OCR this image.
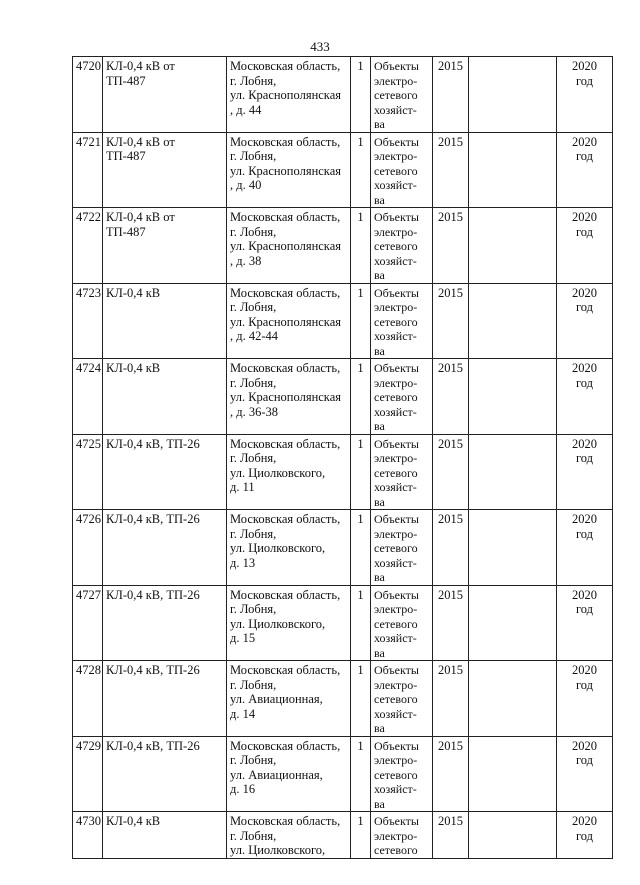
433
4720	КЛ-0,4 кВ от
ТП-487	Московская область,
г. Лобня,
ул. Краснополянская
, д. 44	1	Объекты
электро-
сетевого
хозяйст-
ва	2015		2020
год

4721	КЛ-0,4 кВ от
ТП-487	Московская область,
г. Лобня,
ул. Краснополянская
, д. 40	1	Объекты
электро-
сетевого
хозяйст-
ва	2015		2020
год

4722	КЛ-0,4 кВ от
ТП-487	Московская область,
г. Лобня,
ул. Краснополянская
, д. 38	1	Объекты
электро-
сетевого
хозяйст-
ва	2015		2020
год

4723	КЛ-0,4 кВ	Московская область,
г. Лобня,
ул. Краснополянская
, д. 42-44	1	Объекты
электро-
сетевого
хозяйст-
ва	2015		2020
год

4724	КЛ-0,4 кВ	Московская область,
г. Лобня,
ул. Краснополянская
, д. 36-38	1	Объекты
электро-
сетевого
хозяйст-
ва	2015		2020
год

4725	КЛ-0,4 кВ, ТП-26	Московская область,
г. Лобня,
ул. Циолковского,
д. 11	1	Объекты
электро-
сетевого
хозяйст-
ва	2015		2020
год

4726	КЛ-0,4 кВ, ТП-26	Московская область,
г. Лобня,
ул. Циолковского,
д. 13	1	Объекты
электро-
сетевого
хозяйст-
ва	2015		2020
год

4727	КЛ-0,4 кВ, ТП-26	Московская область,
г. Лобня,
ул. Циолковского,
д. 15	1	Объекты
электро-
сетевого
хозяйст-
ва	2015		2020
год

4728	КЛ-0,4 кВ, ТП-26	Московская область,
г. Лобня,
ул. Авиационная,
д. 14	1	Объекты
электро-
сетевого
хозяйст-
ва	2015		2020
год

4729	КЛ-0,4 кВ, ТП-26	Московская область,
г. Лобня,
ул. Авиационная,
д. 16	1	Объекты
электро-
сетевого
хозяйст-
ва	2015		2020
год

4730	КЛ-0,4 кВ	Московская область,
г. Лобня,
ул. Циолковского,	1	Объекты
электро-
сетевого	2015		2020
год
